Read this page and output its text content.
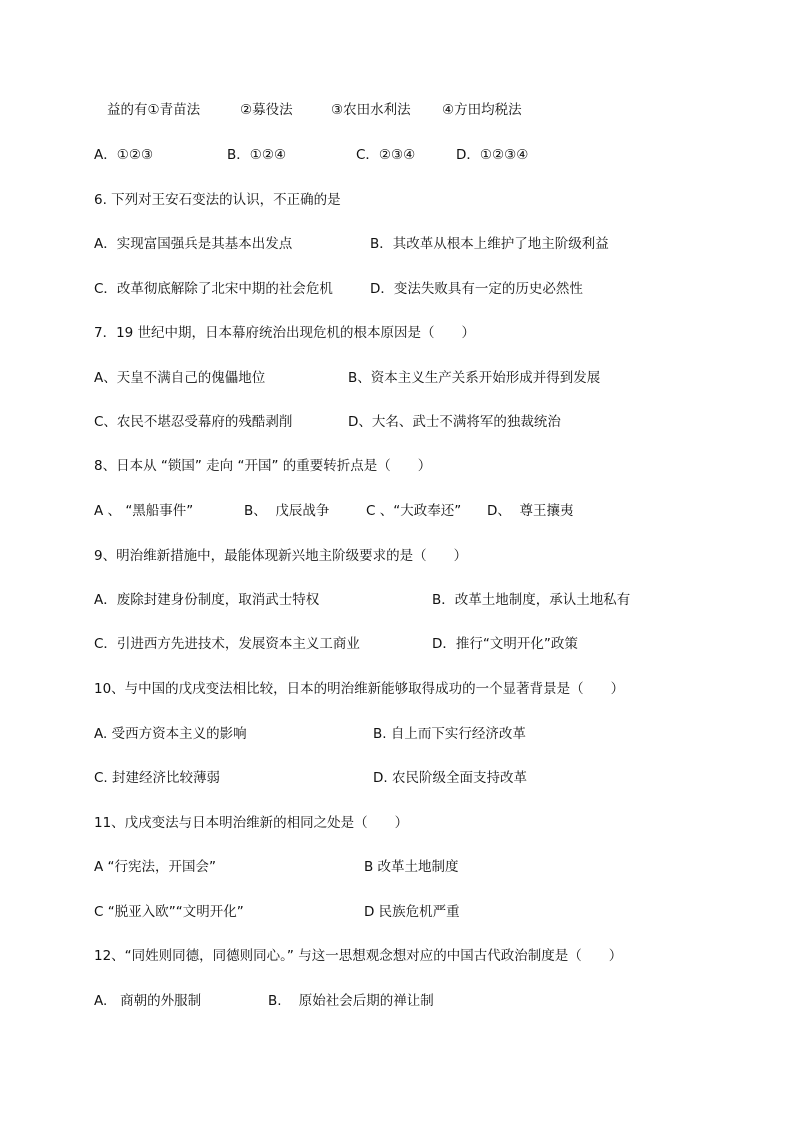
益的有①青苗法	②募役法	③农田水利法 ④方田均税法
A．①②③	B．①②④	C．②③④	D．①②③④
6. 下列对王安石变法的认识，不正确的是
A．实现富国强兵是其基本出发点	B．其改革从根本上维护了地主阶级利益
C．改革彻底解除了北宋中期的社会危机	D．变法失败具有一定的历史必然性
7．19 世纪中期，日本幕府统治出现危机的根本原因是（　　）
A、天皇不满自己的傀儡地位	B、资本主义生产关系开始形成并得到发展
C、农民不堪忍受幕府的残酷剥削	D、大名、武士不满将军的独裁统治
8、日本从 “锁国” 走向 “开国” 的重要转折点是（　　）
A 、 “黑船事件”	B、  戊辰战争	C 、“大政奉还” D、  尊王攘夷
9、明治维新措施中，最能体现新兴地主阶级要求的是（　　）
A．废除封建身份制度，取消武士特权	B．改革土地制度，承认土地私有
C．引进西方先进技术，发展资本主义工商业	D．推行“文明开化”政策
10、与中国的戊戌变法相比较，日本的明治维新能够取得成功的一个显著背景是（　　）
A. 受西方资本主义的影响	B. 自上而下实行经济改革
C. 封建经济比较薄弱	D. 农民阶级全面支持改革
11、戊戌变法与日本明治维新的相同之处是（　　）
A “行宪法，开国会”	B 改革土地制度
C “脱亚入欧”“文明开化”	D 民族危机严重
12、“同姓则同德，同德则同心。” 与这一思想观念想对应的中国古代政治制度是（　　）
A.   商朝的外服制	B.    原始社会后期的禅让制
